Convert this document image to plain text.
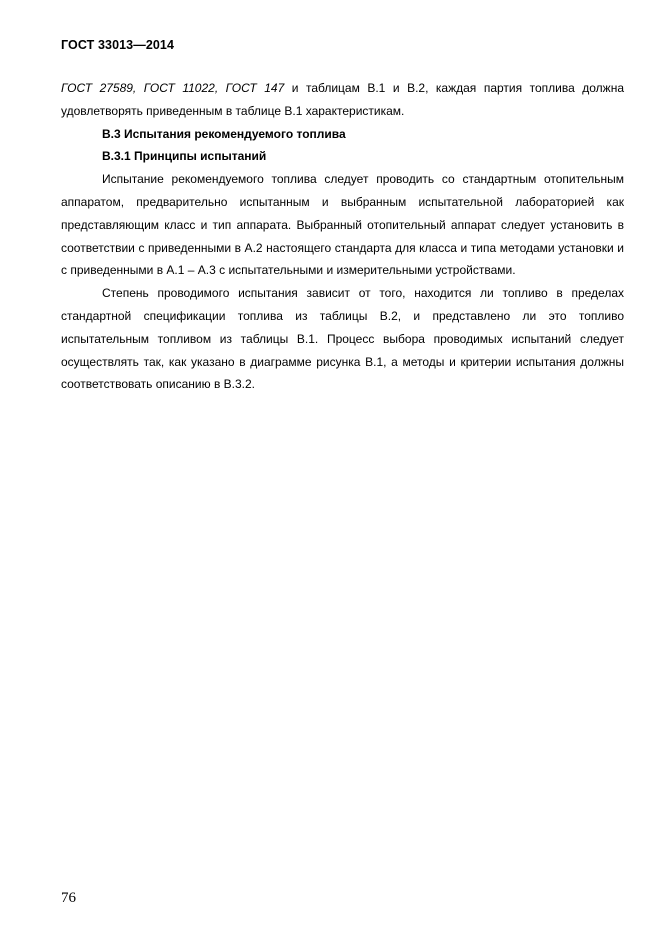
ГОСТ 33013—2014

ГОСТ 27589, ГОСТ 11022, ГОСТ 147 и таблицам В.1 и В.2, каждая партия топлива должна удовлетворять приведенным в таблице В.1 характеристикам.

В.3 Испытания рекомендуемого топлива

В.3.1 Принципы испытаний

Испытание рекомендуемого топлива следует проводить со стандартным отопительным аппаратом, предварительно испытанным и выбранным испытательной лабораторией как представляющим класс и тип аппарата. Выбранный отопительный аппарат следует установить в соответствии с приведенными в А.2 настоящего стандарта для класса и типа методами установки и с приведенными в А.1 – А.3 с испытательными и измерительными устройствами.

Степень проводимого испытания зависит от того, находится ли топливо в пределах стандартной спецификации топлива из таблицы В.2, и представлено ли это топливо испытательным топливом из таблицы В.1. Процесс выбора проводимых испытаний следует осуществлять так, как указано в диаграмме рисунка В.1, а методы и критерии испытания должны соответствовать описанию в В.3.2.

76
